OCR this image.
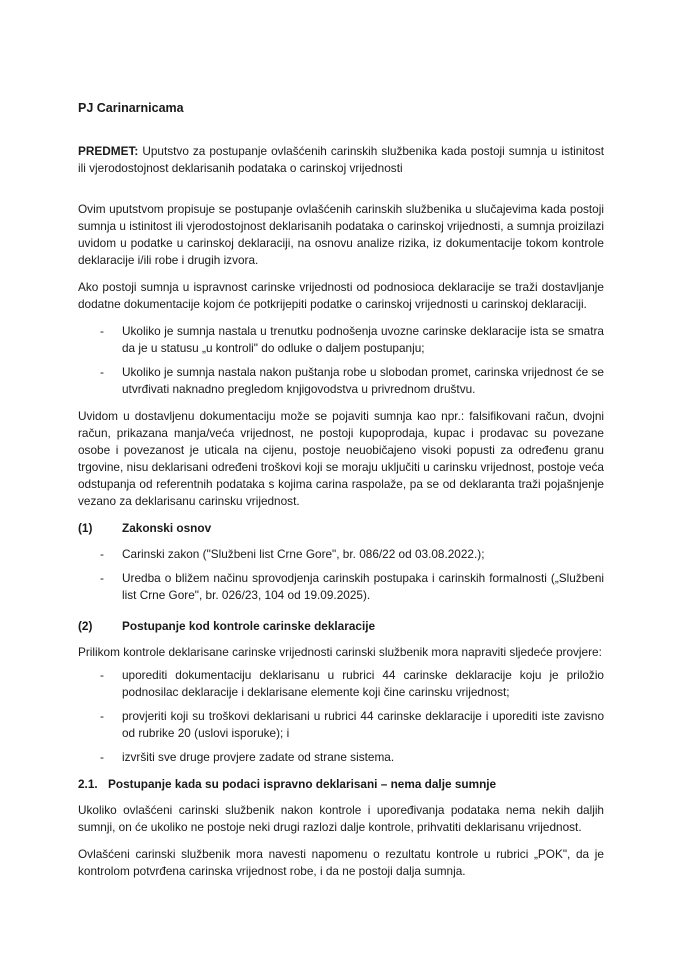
PJ Carinarnicama

PREDMET: Uputstvo za postupanje ovlašćenih carinskih službenika kada postoji sumnja u istinitost ili vjerodostojnost deklarisanih podataka o carinskoj vrijednosti

Ovim uputstvom propisuje se postupanje ovlašćenih carinskih službenika u slučajevima kada postoji sumnja u istinitost ili vjerodostojnost deklarisanih podataka o carinskoj vrijednosti, a sumnja proizilazi uvidom u podatke u carinskoj deklaraciji, na osnovu analize rizika, iz dokumentacije tokom kontrole deklaracije i/ili robe i drugih izvora.

Ako postoji sumnja u ispravnost carinske vrijednosti od podnosioca deklaracije se traži dostavljanje dodatne dokumentacije kojom će potkrijepiti podatke o carinskoj vrijednosti u carinskoj deklaraciji.

-	Ukoliko je sumnja nastala u trenutku podnošenja uvozne carinske deklaracije ista se smatra da je u statusu „u kontroli" do odluke o daljem postupanju;
-	Ukoliko je sumnja nastala nakon puštanja robe u slobodan promet, carinska vrijednost će se utvrđivati naknadno pregledom knjigovodstva u privrednom društvu.

Uvidom u dostavljenu dokumentaciju može se pojaviti sumnja kao npr.: falsifikovani račun, dvojni račun, prikazana manja/veća vrijednost, ne postoji kupoprodaja, kupac i prodavac su povezane osobe i povezanost je uticala na cijenu, postoje neuobičajeno visoki popusti za određenu granu trgovine, nisu deklarisani određeni troškovi koji se moraju uključiti u carinsku vrijednost, postoje veća odstupanja od referentnih podataka s kojima carina raspolaže, pa se od deklaranta traži pojašnjenje vezano za deklarisanu carinsku vrijednost.

(1)	Zakonski osnov
-	Carinski zakon ("Službeni list Crne Gore", br. 086/22 od 03.08.2022.);
-	Uredba o bližem načinu sprovodjenja carinskih postupaka i carinskih formalnosti („Službeni list Crne Gore", br. 026/23, 104 od 19.09.2025).
(2)	Postupanje kod kontrole carinske deklaracije

Prilikom kontrole deklarisane carinske vrijednosti carinski službenik mora napraviti sljedeće provjere:

-	uporediti dokumentaciju deklarisanu u rubrici 44 carinske deklaracije koju je priložio podnosilac deklaracije i deklarisane elemente koji čine carinsku vrijednost;
-	provjeriti koji su troškovi deklarisani u rubrici 44 carinske deklaracije i uporediti iste zavisno od rubrike 20 (uslovi isporuke); i
-	izvršiti sve druge provjere zadate od strane sistema.
2.1. Postupanje kada su podaci ispravno deklarisani – nema dalje sumnje

Ukoliko ovlašćeni carinski službenik nakon kontrole i upoređivanja podataka nema nekih daljih sumnji, on će ukoliko ne postoje neki drugi razlozi dalje kontrole, prihvatiti deklarisanu vrijednost.

Ovlašćeni carinski službenik mora navesti napomenu o rezultatu kontrole u rubrici „POK", da je kontrolom potvrđena carinska vrijednost robe, i da ne postoji dalja sumnja.
